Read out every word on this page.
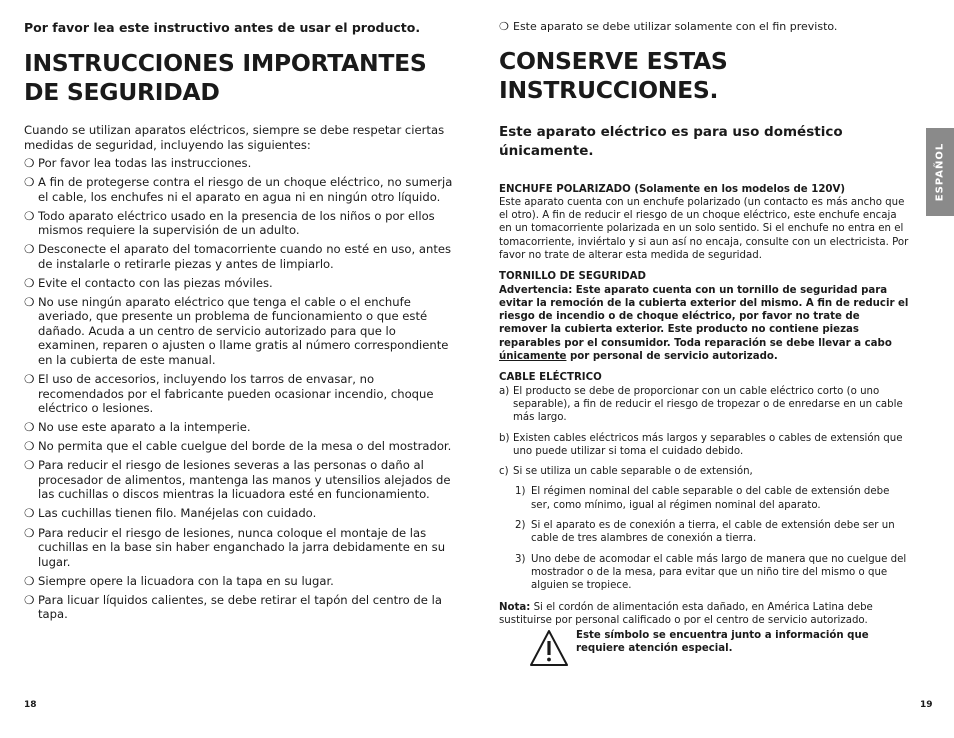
Por favor lea este instructivo antes de usar el producto.

INSTRUCCIONES IMPORTANTES
DE SEGURIDAD

Cuando se utilizan aparatos eléctricos, siempre se debe respetar ciertas medidas de seguridad, incluyendo las siguientes:

❍ Por favor lea todas las instrucciones.
❍ A fin de protegerse contra el riesgo de un choque eléctrico, no sumerja el cable, los enchufes ni el aparato en agua ni en ningún otro líquido.
❍ Todo aparato eléctrico usado en la presencia de los niños o por ellos mismos requiere la supervisión de un adulto.
❍ Desconecte el aparato del tomacorriente cuando no esté en uso, antes de instalarle o retirarle piezas y antes de limpiarlo.
❍ Evite el contacto con las piezas móviles.
❍ No use ningún aparato eléctrico que tenga el cable o el enchufe averiado, que presente un problema de funcionamiento o que esté dañado. Acuda a un centro de servicio autorizado para que lo examinen, reparen o ajusten o llame gratis al número correspondiente en la cubierta de este manual.
❍ El uso de accesorios, incluyendo los tarros de envasar, no recomendados por el fabricante pueden ocasionar incendio, choque eléctrico o lesiones.
❍ No use este aparato a la intemperie.
❍ No permita que el cable cuelgue del borde de la mesa o del mostrador.
❍ Para reducir el riesgo de lesiones severas a las personas o daño al procesador de alimentos, mantenga las manos y utensilios alejados de las cuchillas o discos mientras la licuadora esté en funcionamiento.
❍ Las cuchillas tienen filo. Manéjelas con cuidado.
❍ Para reducir el riesgo de lesiones, nunca coloque el montaje de las cuchillas en la base sin haber enganchado la jarra debidamente en su lugar.
❍ Siempre opere la licuadora con la tapa en su lugar.
❍ Para licuar líquidos calientes, se debe retirar el tapón del centro de la tapa.
18
❍ Este aparato se debe utilizar solamente con el fin previsto.
CONSERVE ESTAS INSTRUCCIONES.
Este aparato eléctrico es para uso doméstico únicamente.

ENCHUFE POLARIZADO (Solamente en los modelos de 120V)

Este aparato cuenta con un enchufe polarizado (un contacto es más ancho que el otro). A fin de reducir el riesgo de un choque eléctrico, este enchufe encaja en un tomacorriente polarizada en un solo sentido. Si el enchufe no entra en el tomacorriente, inviértalo y si aun así no encaja, consulte con un electricista. Por favor no trate de alterar esta medida de seguridad.

TORNILLO DE SEGURIDAD

Advertencia: Este aparato cuenta con un tornillo de seguridad para evitar la remoción de la cubierta exterior del mismo. A fin de reducir el riesgo de incendio o de choque eléctrico, por favor no trate de remover la cubierta exterior. Este producto no contiene piezas reparables por el consumidor. Toda reparación se debe llevar a cabo únicamente por personal de servicio autorizado.

CABLE ELÉCTRICO

a) El producto se debe de proporcionar con un cable eléctrico corto (o uno separable), a fin de reducir el riesgo de tropezar o de enredarse en un cable más largo.
b) Existen cables eléctricos más largos y separables o cables de extensión que uno puede utilizar si toma el cuidado debido.
c) Si se utiliza un cable separable o de extensión,
1) El régimen nominal del cable separable o del cable de extensión debe ser, como mínimo, igual al régimen nominal del aparato.
2) Si el aparato es de conexión a tierra, el cable de extensión debe ser un cable de tres alambres de conexión a tierra.
3) Uno debe de acomodar el cable más largo de manera que no cuelgue del mostrador o de la mesa, para evitar que un niño tire del mismo o que alguien se tropiece.
Nota: Si el cordón de alimentación esta dañado, en América Latina debe sustituirse por personal calificado o por el centro de servicio autorizado.
Este símbolo se encuentra junto a información que requiere atención especial.
ESPAÑOL
19
